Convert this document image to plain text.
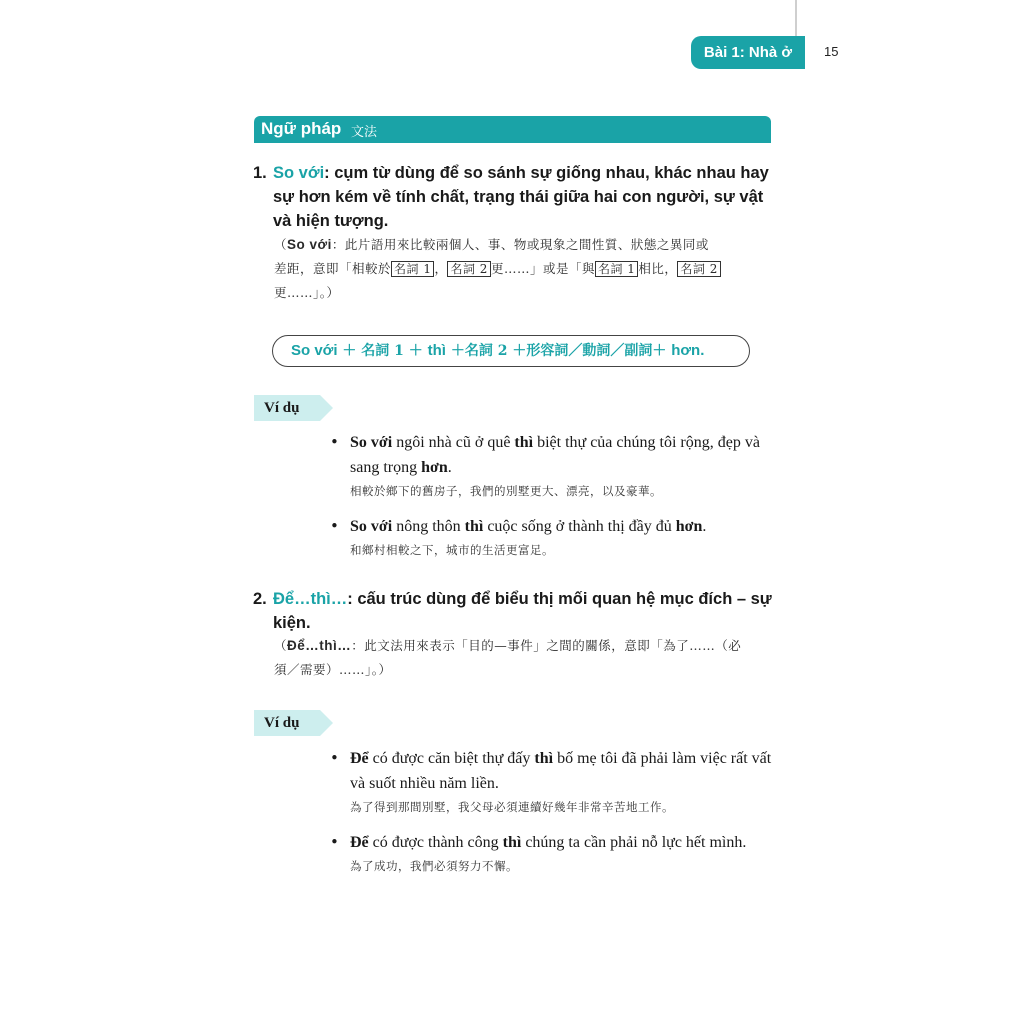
Bài 1: Nhà ở	15
Ngữ pháp 文法
1. So với: cụm từ dùng để so sánh sự giống nhau, khác nhau hay
sự hơn kém về tính chất, trạng thái giữa hai con người, sự vật
và hiện tượng.
（So với：此片語用來比較兩個人、事、物或現象之間性質、狀態之異同或
差距，意即「相較於 名詞 1 ， 名詞 2 更……」或是「與 名詞 1 相比， 名詞 2
更……」。）
So với ＋ 名詞 1 ＋ thì ＋名詞 2 ＋形容詞／動詞／副詞＋ hơn.
Ví dụ
• So với ngôi nhà cũ ở quê thì biệt thự của chúng tôi rộng, đẹp và sang trọng hơn.
相較於鄉下的舊房子，我們的別墅更大、漂亮，以及豪華。
• So với nông thôn thì cuộc sống ở thành thị đầy đủ hơn.
和鄉村相較之下，城市的生活更富足。
2. Để…thì…: cấu trúc dùng để biểu thị mối quan hệ mục đích – sự
kiện.
（Để…thì…：此文法用來表示「目的—事件」之間的關係，意即「為了……（必
須／需要）……」。）
Ví dụ
• Để có được căn biệt thự đấy thì bố mẹ tôi đã phải làm việc rất vất và suốt nhiều năm liền.
為了得到那間別墅，我父母必須連續好幾年非常辛苦地工作。
• Để có được thành công thì chúng ta cần phải nỗ lực hết mình.
為了成功，我們必須努力不懈。
